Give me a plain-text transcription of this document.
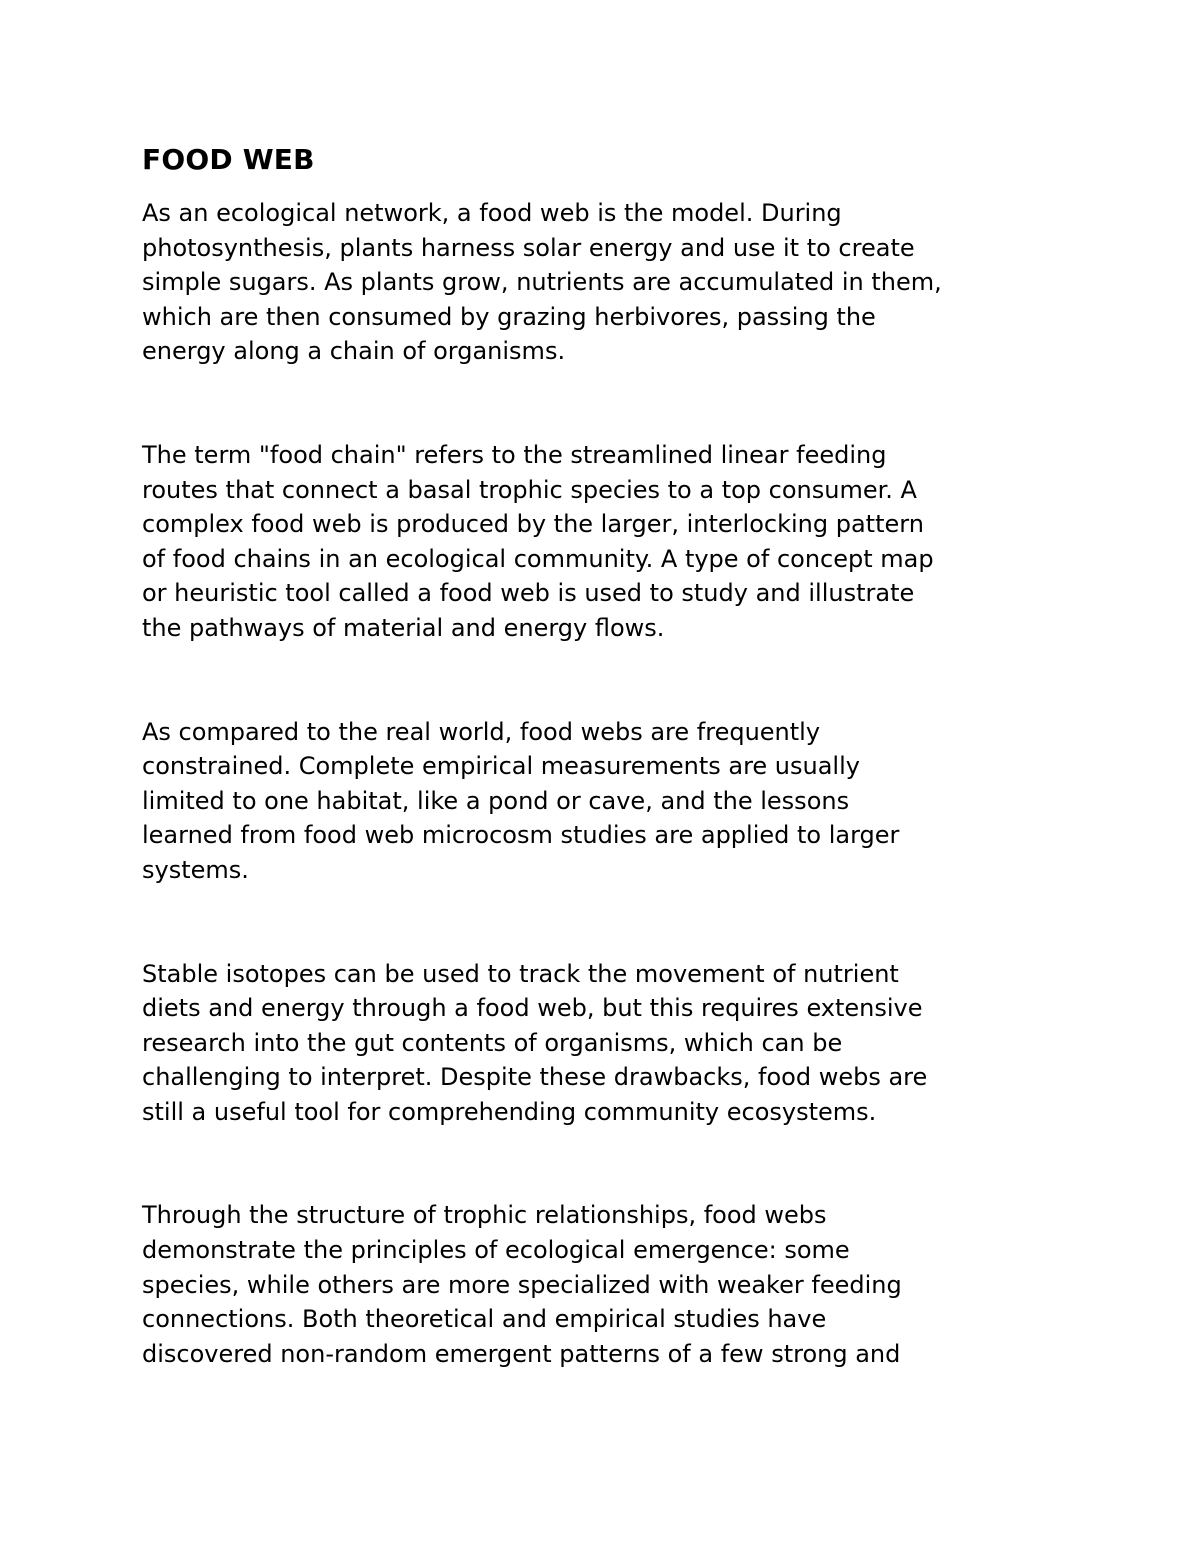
FOOD WEB

As an ecological network, a food web is the model. During
photosynthesis, plants harness solar energy and use it to create
simple sugars. As plants grow, nutrients are accumulated in them,
which are then consumed by grazing herbivores, passing the
energy along a chain of organisms.

The term "food chain" refers to the streamlined linear feeding
routes that connect a basal trophic species to a top consumer. A
complex food web is produced by the larger, interlocking pattern
of food chains in an ecological community. A type of concept map
or heuristic tool called a food web is used to study and illustrate
the pathways of material and energy flows.

As compared to the real world, food webs are frequently
constrained. Complete empirical measurements are usually
limited to one habitat, like a pond or cave, and the lessons
learned from food web microcosm studies are applied to larger
systems.

Stable isotopes can be used to track the movement of nutrient
diets and energy through a food web, but this requires extensive
research into the gut contents of organisms, which can be
challenging to interpret. Despite these drawbacks, food webs are
still a useful tool for comprehending community ecosystems.

Through the structure of trophic relationships, food webs
demonstrate the principles of ecological emergence: some
species, while others are more specialized with weaker feeding
connections. Both theoretical and empirical studies have
discovered non-random emergent patterns of a few strong and
